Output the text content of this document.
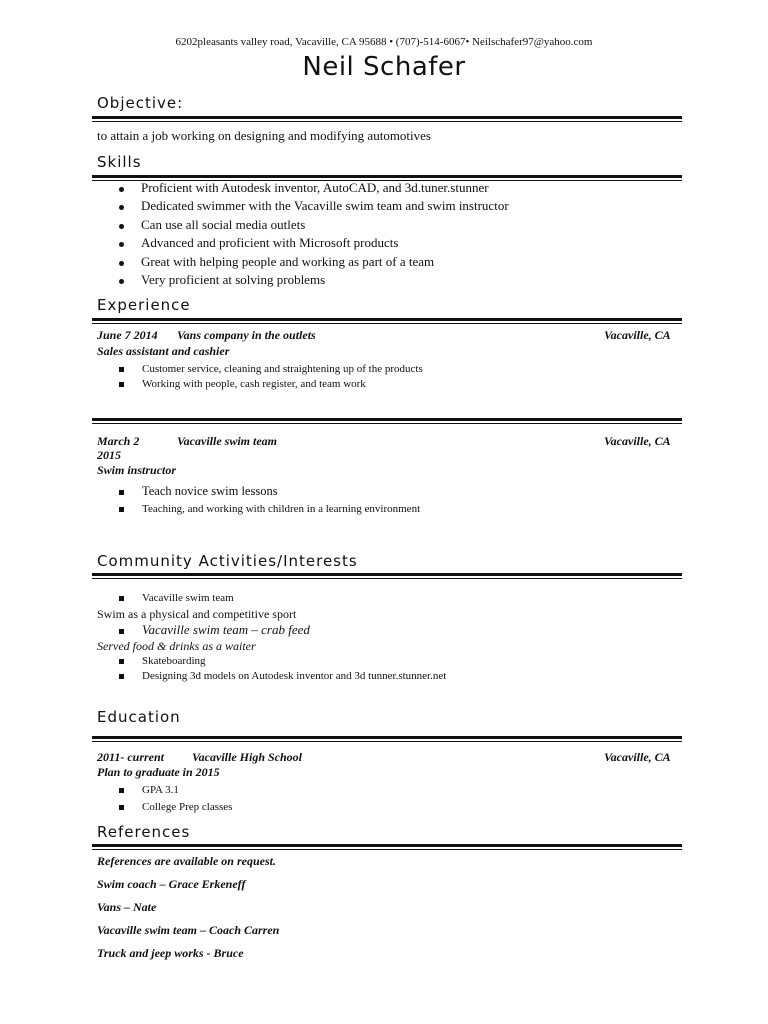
6202pleasants valley road, Vacaville, CA 95688 • (707)-514-6067• Neilschafer97@yahoo.com
Neil Schafer
Objective:
to attain a job working on designing and modifying automotives
Skills
Proficient with Autodesk inventor, AutoCAD, and 3d.tuner.stunner
Dedicated swimmer with the Vacaville swim team and swim instructor
Can use all social media outlets
Advanced and proficient with Microsoft products
Great with helping people and working as part of a team
Very proficient at solving problems
Experience
June 7 2014 Vans company in the outlets	Vacaville, CA
Sales assistant and cashier
Customer service, cleaning and straightening up of the products
Working with people, cash register, and team work
March 2
2015
Vacaville swim team	Vacaville, CA
Swim instructor
Teach novice swim lessons
Teaching, and working with children in a learning environment
Community Activities/Interests
Vacaville swim team
Swim as a physical and competitive sport
Vacaville swim team – crab feed
Served food & drinks as a waiter
Skateboarding
Designing 3d models on Autodesk inventor and 3d tunner.stunner.net
Education
2011- current Vacaville High School	Vacaville, CA
Plan to graduate in 2015
GPA 3.1
College Prep classes
References
References are available on request.
Swim coach – Grace Erkeneff
Vans – Nate
Vacaville swim team – Coach Carren
Truck and jeep works - Bruce
